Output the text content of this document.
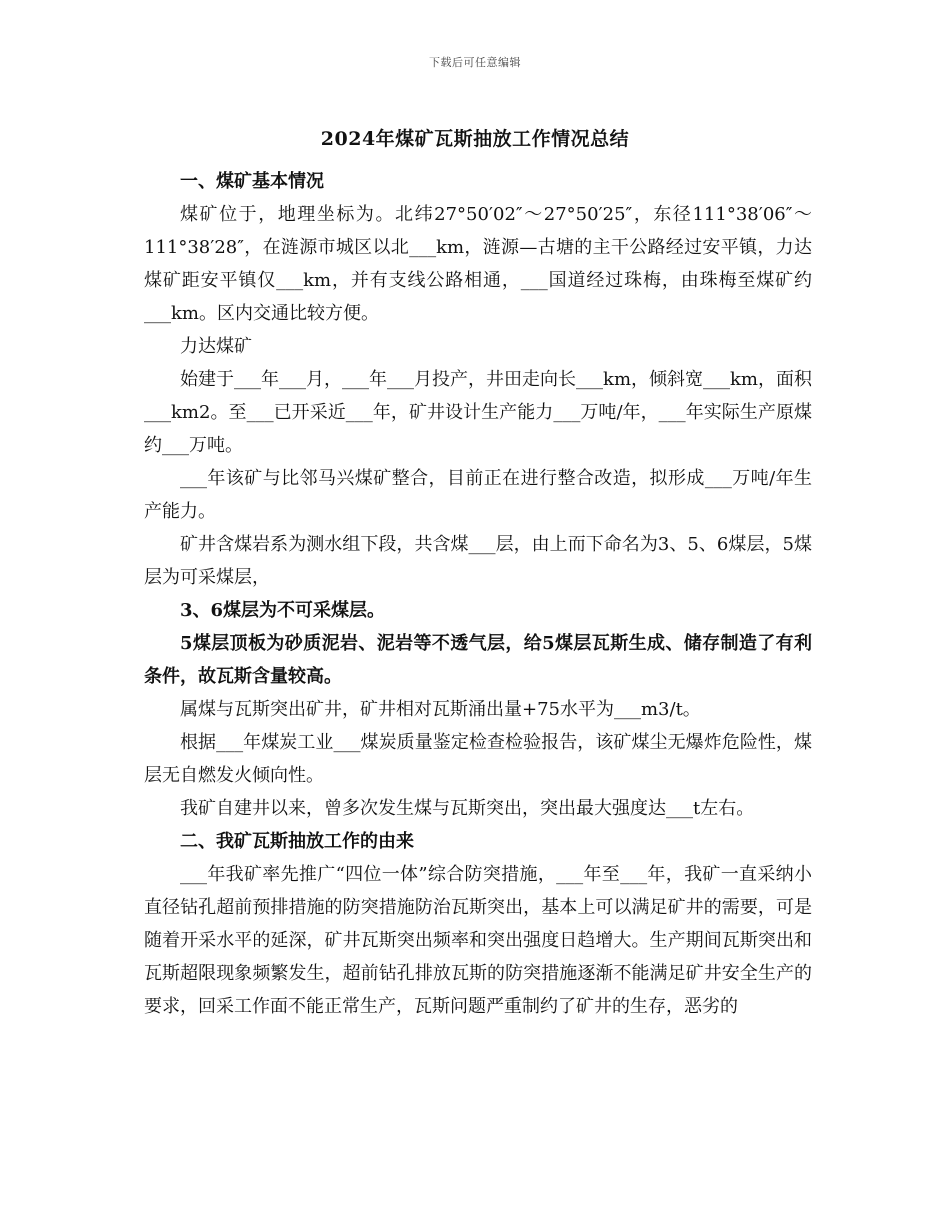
下载后可任意编辑
2024年煤矿瓦斯抽放工作情况总结

一、煤矿基本情况

煤矿位于，地理坐标为。北纬27°50′02″～27°50′25″，东径111°38′06″～111°38′28″，在涟源市城区以北___km，涟源—古塘的主干公路经过安平镇，力达煤矿距安平镇仅___km，并有支线公路相通，___国道经过珠梅，由珠梅至煤矿约___km。区内交通比较方便。

力达煤矿

始建于___年___月，___年___月投产，井田走向长___km，倾斜宽___km，面积___km2。至___已开采近___年，矿井设计生产能力___万吨/年，___年实际生产原煤约___万吨。

___年该矿与比邻马兴煤矿整合，目前正在进行整合改造，拟形成___万吨/年生产能力。

矿井含煤岩系为测水组下段，共含煤___层，由上而下命名为3、5、6煤层，5煤层为可采煤层，

3、6煤层为不可采煤层。

5煤层顶板为砂质泥岩、泥岩等不透气层，给5煤层瓦斯生成、储存制造了有利条件，故瓦斯含量较高。

属煤与瓦斯突出矿井，矿井相对瓦斯涌出量+75水平为___m3/t。

根据___年煤炭工业___煤炭质量鉴定检查检验报告，该矿煤尘无爆炸危险性，煤层无自燃发火倾向性。

我矿自建井以来，曾多次发生煤与瓦斯突出，突出最大强度达___t左右。

二、我矿瓦斯抽放工作的由来

___年我矿率先推广“四位一体”综合防突措施，___年至___年，我矿一直采纳小直径钻孔超前预排措施的防突措施防治瓦斯突出，基本上可以满足矿井的需要，可是随着开采水平的延深，矿井瓦斯突出频率和突出强度日趋增大。生产期间瓦斯突出和瓦斯超限现象频繁发生，超前钻孔排放瓦斯的防突措施逐渐不能满足矿井安全生产的要求，回采工作面不能正常生产，瓦斯问题严重制约了矿井的生存，恶劣的
